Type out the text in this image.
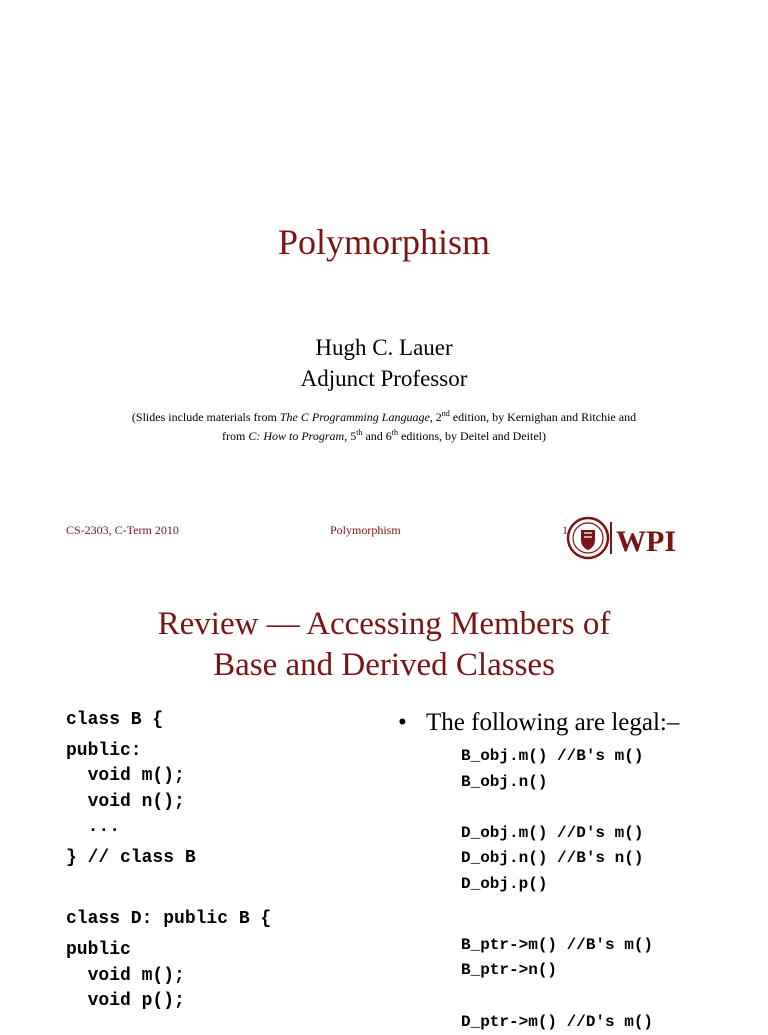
Polymorphism
Hugh C. Lauer
Adjunct Professor
(Slides include materials from The C Programming Language, 2nd edition, by Kernighan and Ritchie and
from C: How to Program, 5th and 6th editions, by Deitel and Deitel)
CS-2303, C-Term 2010	Polymorphism	1 WPI
Review — Accessing Members of
Base and Derived Classes
class B {
public:
void m();
void n();
...
} // class B
class D: public B {
public
void m();
void p();
• The following are legal:–
B_obj.m() //B′s m()
B_obj.n()
D_obj.m() //D′s m()
D_obj.n() //B′s n()
D_obj.p()
B_ptr->m() //B′s m()
B_ptr->n()
D_ptr->m() //D′s m()
